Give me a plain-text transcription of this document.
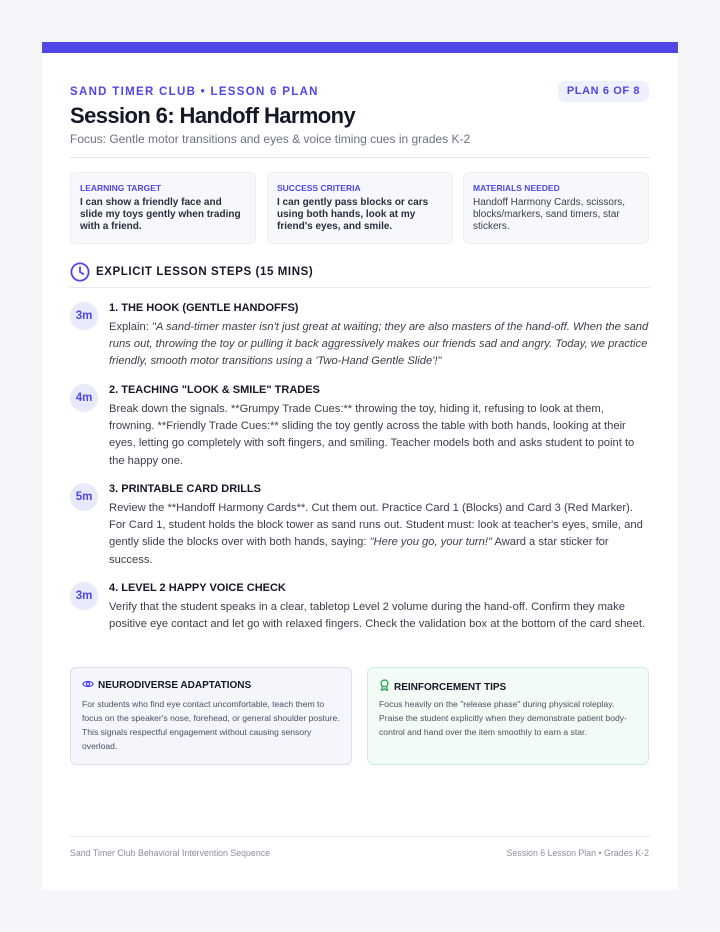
SAND TIMER CLUB • LESSON 6 PLAN	PLAN 6 OF 8
Session 6: Handoff Harmony
Focus: Gentle motor transitions and eyes & voice timing cues in grades K-2
LEARNING TARGET
I can show a friendly face and slide my toys gently when trading with a friend.
SUCCESS CRITERIA
I can gently pass blocks or cars using both hands, look at my friend's eyes, and smile.
MATERIALS NEEDED
Handoff Harmony Cards, scissors, blocks/markers, sand timers, star stickers.
EXPLICIT LESSON STEPS (15 MINS)
3m
1. THE HOOK (GENTLE HANDOFFS)
Explain: "A sand-timer master isn't just great at waiting; they are also masters of the hand-off. When the sand runs out, throwing the toy or pulling it back aggressively makes our friends sad and angry. Today, we practice friendly, smooth motor transitions using a 'Two-Hand Gentle Slide'!"
4m
2. TEACHING "LOOK & SMILE" TRADES
Break down the signals. **Grumpy Trade Cues:** throwing the toy, hiding it, refusing to look at them, frowning. **Friendly Trade Cues:** sliding the toy gently across the table with both hands, looking at their eyes, letting go completely with soft fingers, and smiling. Teacher models both and asks student to point to the happy one.
5m
3. PRINTABLE CARD DRILLS
Review the **Handoff Harmony Cards**. Cut them out. Practice Card 1 (Blocks) and Card 3 (Red Marker). For Card 1, student holds the block tower as sand runs out. Student must: look at teacher's eyes, smile, and gently slide the blocks over with both hands, saying: "Here you go, your turn!" Award a star sticker for success.
3m
4. LEVEL 2 HAPPY VOICE CHECK
Verify that the student speaks in a clear, tabletop Level 2 volume during the hand-off. Confirm they make positive eye contact and let go with relaxed fingers. Check the validation box at the bottom of the card sheet.
NEURODIVERSE ADAPTATIONS
For students who find eye contact uncomfortable, teach them to focus on the speaker's nose, forehead, or general shoulder posture. This signals respectful engagement without causing sensory overload.
REINFORCEMENT TIPS
Focus heavily on the "release phase" during physical roleplay. Praise the student explicitly when they demonstrate patient body-control and hand over the item smoothly to earn a star.
Sand Timer Club Behavioral Intervention Sequence	Session 6 Lesson Plan • Grades K-2
